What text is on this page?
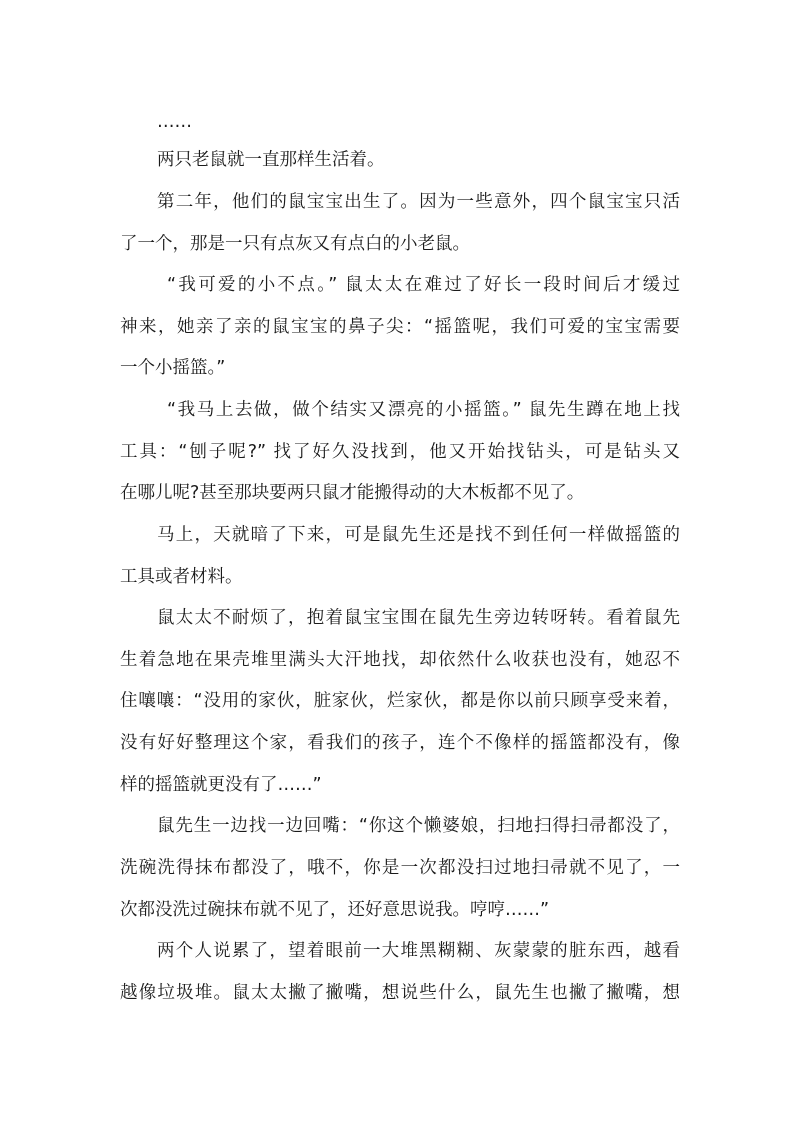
……
两只老鼠就一直那样生活着。
第二年，他们的鼠宝宝出生了。因为一些意外，四个鼠宝宝只活
了一个，那是一只有点灰又有点白的小老鼠。
“我可爱的小不点。” 鼠太太在难过了好长一段时间后才缓过
神来，她亲了亲的鼠宝宝的鼻子尖：“摇篮呢，我们可爱的宝宝需要
一个小摇篮。”
“我马上去做，做个结实又漂亮的小摇篮。” 鼠先生蹲在地上找
工具：“刨子呢?” 找了好久没找到，他又开始找钻头，可是钻头又
在哪儿呢?甚至那块要两只鼠才能搬得动的大木板都不见了。
马上，天就暗了下来，可是鼠先生还是找不到任何一样做摇篮的
工具或者材料。
鼠太太不耐烦了，抱着鼠宝宝围在鼠先生旁边转呀转。看着鼠先
生着急地在果壳堆里满头大汗地找，却依然什么收获也没有，她忍不
住嚷嚷：“没用的家伙，脏家伙，烂家伙，都是你以前只顾享受来着，
没有好好整理这个家，看我们的孩子，连个不像样的摇篮都没有，像
样的摇篮就更没有了……”
鼠先生一边找一边回嘴：“你这个懒婆娘，扫地扫得扫帚都没了，
洗碗洗得抹布都没了，哦不，你是一次都没扫过地扫帚就不见了，一
次都没洗过碗抹布就不见了，还好意思说我。哼哼……”
两个人说累了，望着眼前一大堆黑糊糊、灰蒙蒙的脏东西，越看
越像垃圾堆。鼠太太撇了撇嘴，想说些什么，鼠先生也撇了撇嘴，想
